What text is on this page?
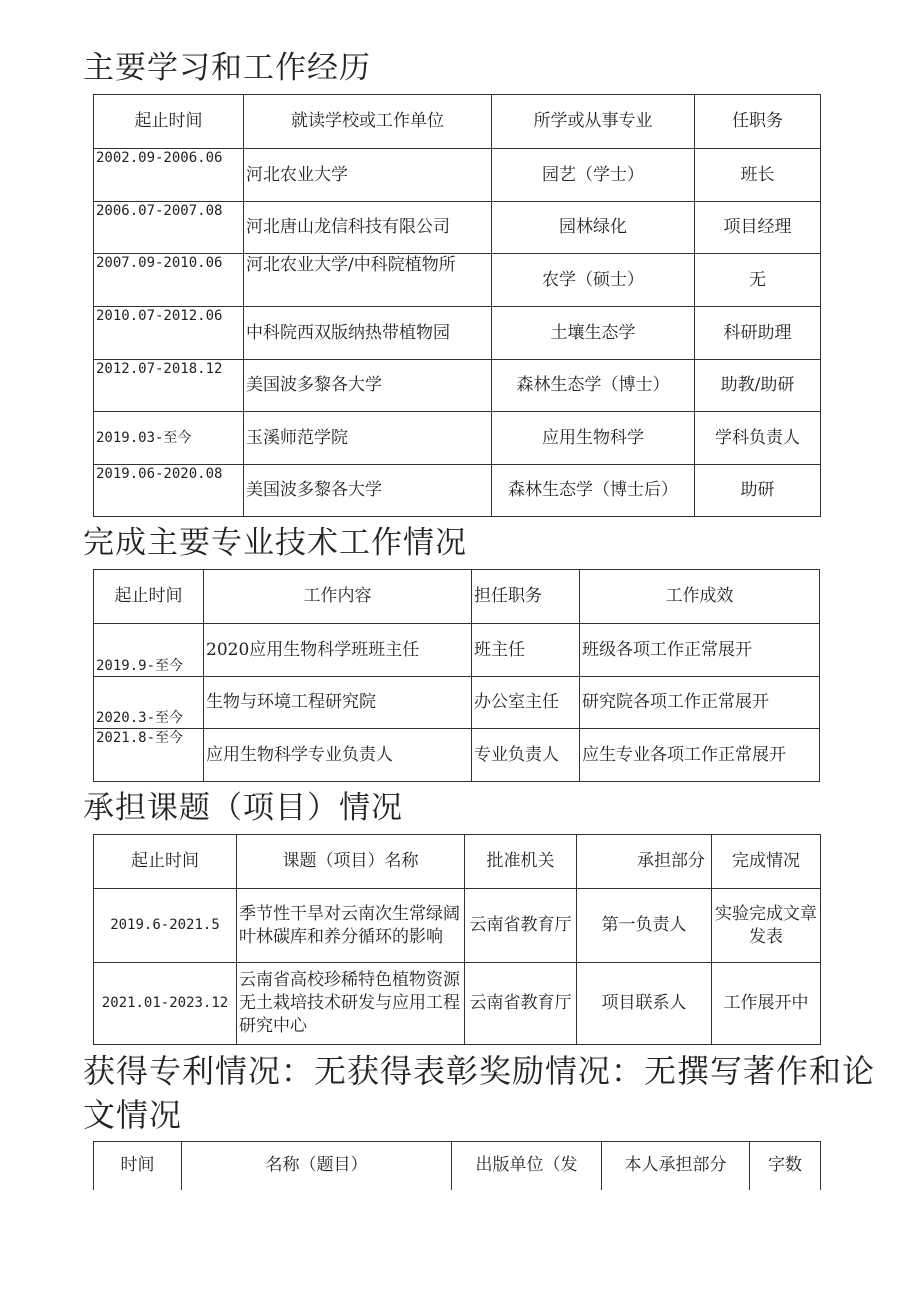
主要学习和工作经历
起止时间	就读学校或工作单位	所学或从事专业	任职务
2002.09-2006.06	河北农业大学	园艺（学士）	班长
2006.07-2007.08	河北唐山龙信科技有限公司	园林绿化	项目经理
2007.09-2010.06	河北农业大学/中科院植物所	农学（硕士）	无
2010.07-2012.06	中科院西双版纳热带植物园	土壤生态学	科研助理
2012.07-2018.12	美国波多黎各大学	森林生态学（博士）	助教/助研
2019.03-至今	玉溪师范学院	应用生物科学	学科负责人
2019.06-2020.08	美国波多黎各大学	森林生态学（博士后）	助研
完成主要专业技术工作情况
起止时间	工作内容	担任职务	工作成效
2019.9-至今	2020应用生物科学班班主任	班主任	班级各项工作正常展开
2020.3-至今	生物与环境工程研究院	办公室主任	研究院各项工作正常展开
2021.8-至今	应用生物科学专业负责人	专业负责人	应生专业各项工作正常展开
承担课题（项目）情况
起止时间	课题（项目）名称	批准机关	承担部分	完成情况
2019.6-2021.5	季节性干旱对云南次生常绿阔叶林碳库和养分循环的影响	云南省教育厅	第一负责人	实验完成文章发表
2021.01-2023.12	云南省高校珍稀特色植物资源无土栽培技术研发与应用工程研究中心	云南省教育厅	项目联系人	工作展开中
获得专利情况：无获得表彰奖励情况：无撰写著作和论
文情况
时间	名称（题目）	出版单位（发	本人承担部分	字数
